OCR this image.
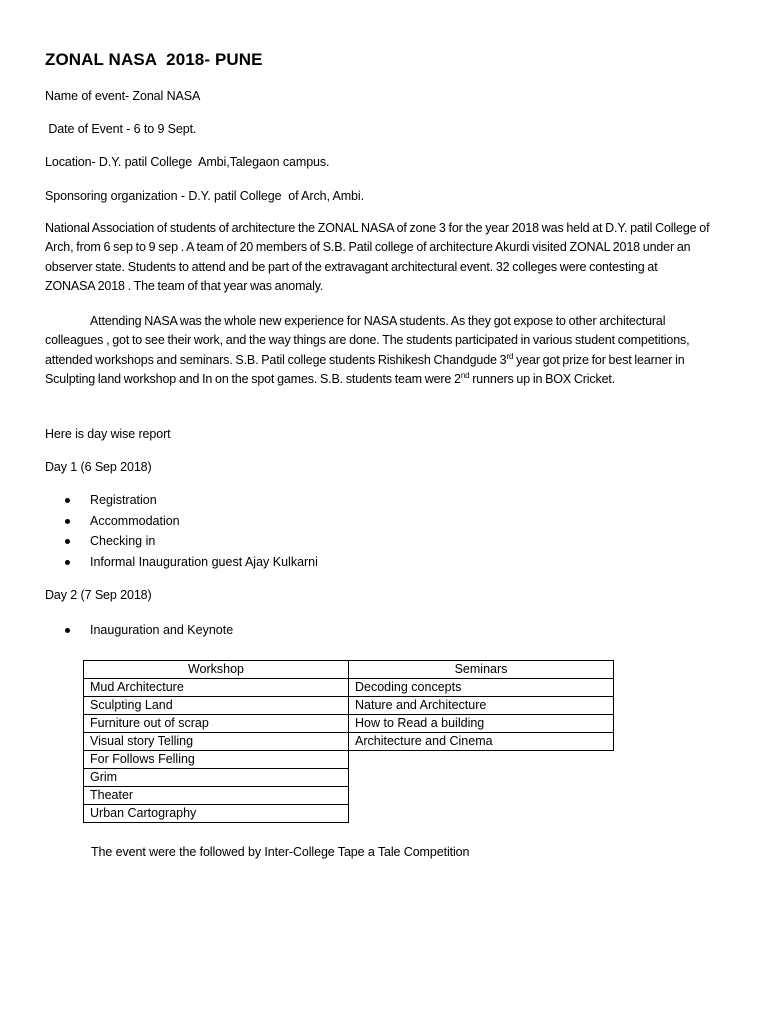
ZONAL NASA  2018- PUNE
Name of event- Zonal NASA
Date of Event - 6 to 9 Sept.
Location- D.Y. patil College  Ambi,Talegaon campus.
Sponsoring organization - D.Y. patil College  of Arch, Ambi.
National Association of students of architecture the ZONAL NASA of zone 3 for the year 2018 was held at D.Y. patil College of Arch, from 6 sep to 9 sep . A team of 20 members of S.B. Patil college of architecture Akurdi visited ZONAL 2018 under an observer state. Students to attend and be part of the extravagant architectural event. 32 colleges were contesting at ZONASA 2018 . The team of that year was anomaly.
Attending NASA was the whole new experience for NASA students. As they got expose to other architectural colleagues , got to see their work, and the way things are done. The students participated in various student competitions, attended workshops and seminars. S.B. Patil college students Rishikesh Chandgude 3rd year got prize for best learner in Sculpting land workshop and In on the spot games. S.B. students team were 2nd runners up in BOX Cricket.
Here is day wise report
Day 1 (6 Sep 2018)
Registration
Accommodation
Checking in
Informal Inauguration guest Ajay Kulkarni
Day 2 (7 Sep 2018)
Inauguration and Keynote
Workshop	Seminars
Mud Architecture	Decoding concepts
Sculpting Land	Nature and Architecture
Furniture out of scrap	How to Read a building
Visual story Telling	Architecture and Cinema
For Follows Felling	
Grim	
Theater	
Urban Cartography	
The event were the followed by Inter-College Tape a Tale Competition
